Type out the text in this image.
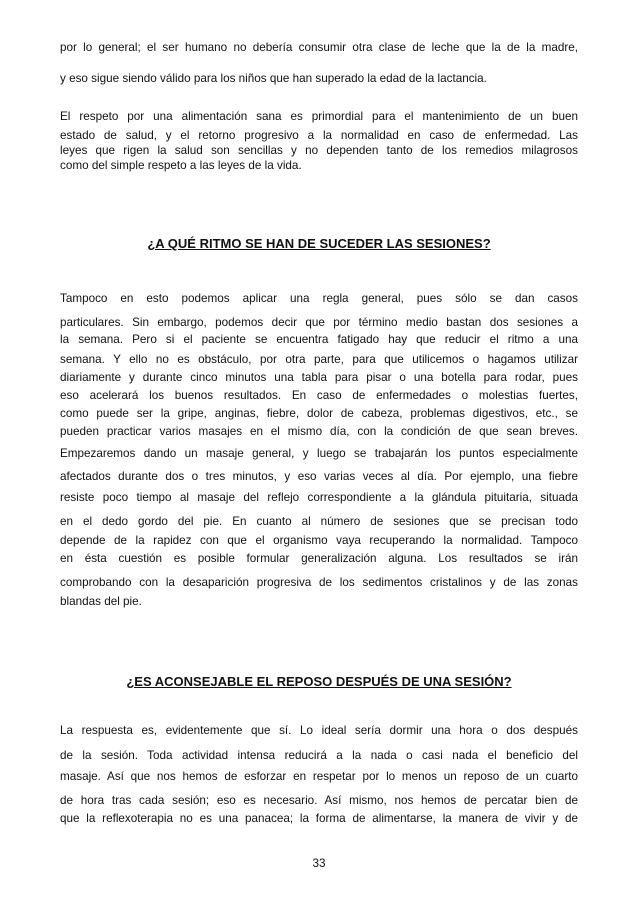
por lo general; el ser humano no debería consumir otra clase de leche que la de la madre,
y eso sigue siendo válido para los niños que han superado la edad de la lactancia.
El respeto por una alimentación sana es primordial para el mantenimiento de un buen
estado de salud, y el retorno progresivo a la normalidad en caso de enfermedad. Las
leyes que rigen la salud son sencillas y no dependen tanto de los remedios milagrosos
como del simple respeto a las leyes de la vida.
¿A QUÉ RITMO SE HAN DE SUCEDER LAS SESIONES?
Tampoco en esto podemos aplicar una regla general, pues sólo se dan casos
particulares. Sin embargo, podemos decir que por término medio bastan dos sesiones a
la semana. Pero si el paciente se encuentra fatigado hay que reducir el ritmo a una
semana. Y ello no es obstáculo, por otra parte, para que utilicemos o hagamos utilizar
diariamente y durante cinco minutos una tabla para pisar o una botella para rodar, pues
eso acelerará los buenos resultados. En caso de enfermedades o molestias fuertes,
como puede ser la gripe, anginas, fiebre, dolor de cabeza, problemas digestivos, etc., se
pueden practicar varios masajes en el mismo día, con la condición de que sean breves.
Empezaremos dando un masaje general, y luego se trabajarán los puntos especialmente
afectados durante dos o tres minutos, y eso varias veces al día. Por ejemplo, una fiebre
resiste poco tiempo al masaje del reflejo correspondiente a la glándula pituitaria, situada
en el dedo gordo del pie. En cuanto al número de sesiones que se precisan todo
depende de la rapidez con que el organismo vaya recuperando la normalidad. Tampoco
en ésta cuestión es posible formular generalización alguna. Los resultados se irán
comprobando con la desaparición progresiva de los sedimentos cristalinos y de las zonas
blandas del pie.
¿ES ACONSEJABLE EL REPOSO DESPUÉS DE UNA SESIÓN?
La respuesta es, evidentemente que sí. Lo ideal sería dormir una hora o dos después
de la sesión. Toda actividad intensa reducirá a la nada o casi nada el beneficio del
masaje. Así que nos hemos de esforzar en respetar por lo menos un reposo de un cuarto
de hora tras cada sesión; eso es necesario. Así mismo, nos hemos de percatar bien de
que la reflexoterapia no es una panacea; la forma de alimentarse, la manera de vivir y de
33
